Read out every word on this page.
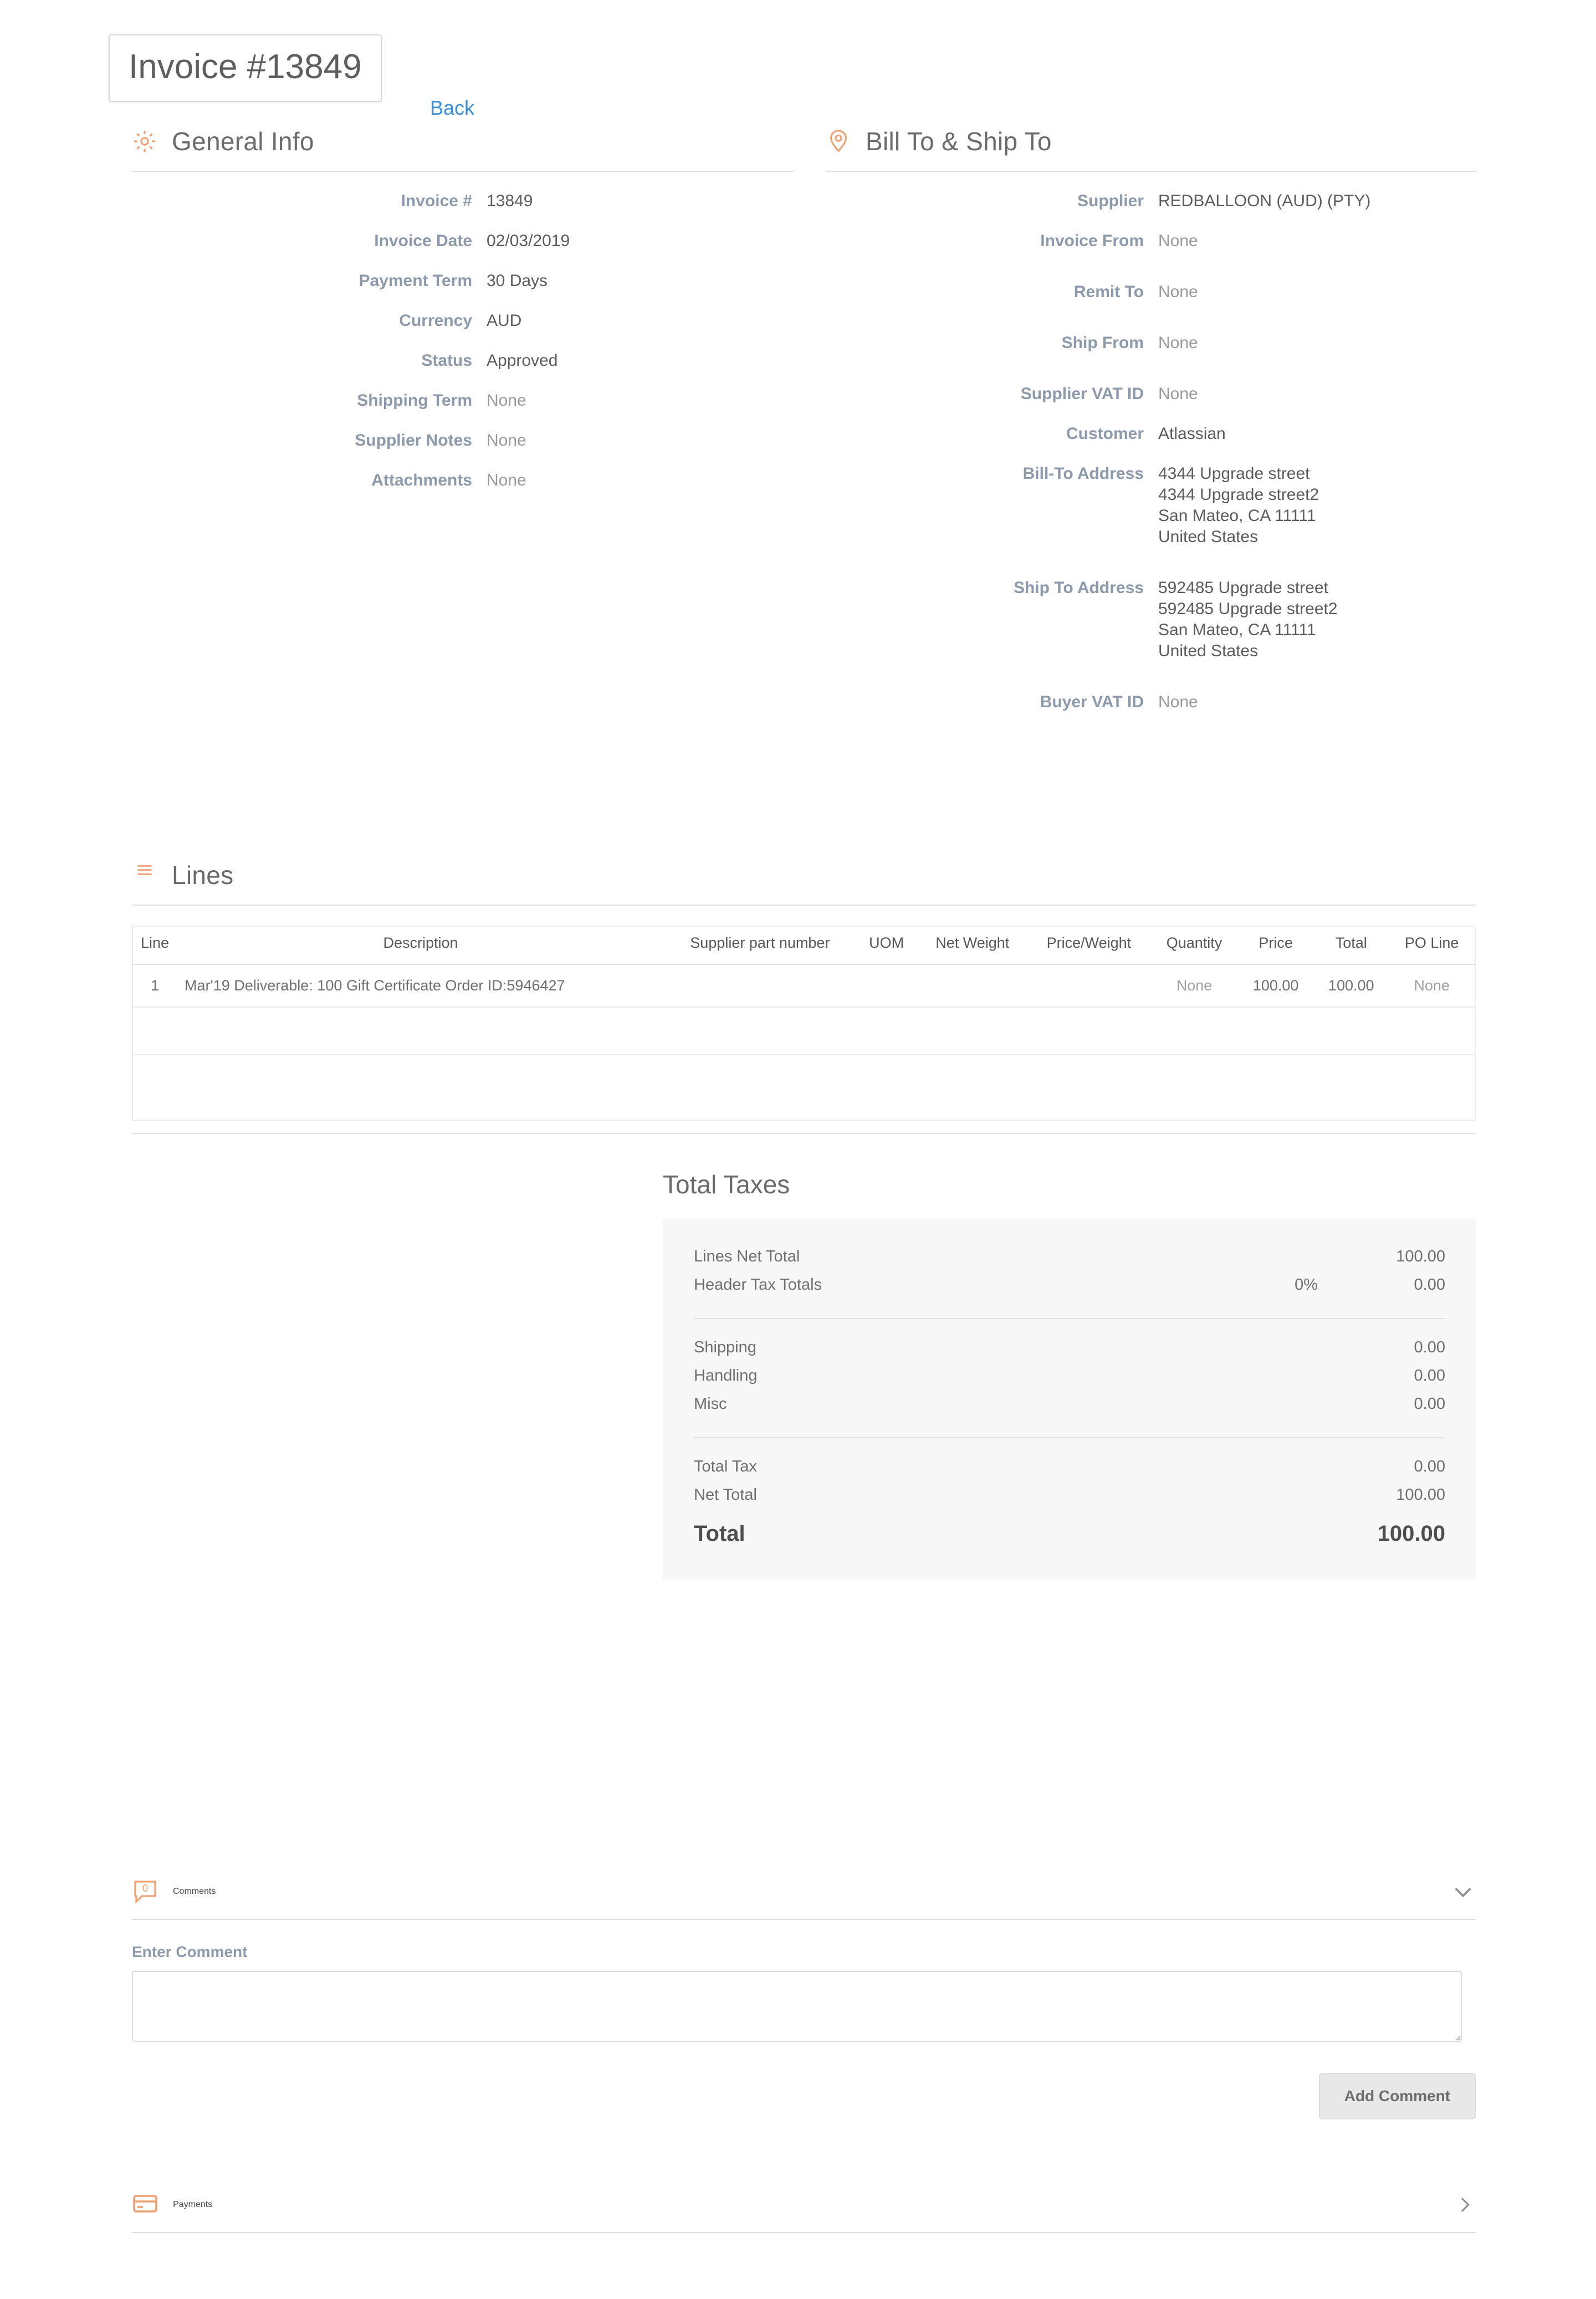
Back
Invoice #13849
General Info
Invoice # 13849
Invoice Date 02/03/2019
Payment Term 30 Days
Currency AUD
Status Approved
Shipping Term None
Supplier Notes None
Attachments None
Bill To & Ship To
Supplier REDBALLOON (AUD) (PTY)
Invoice From None
Remit To None
Ship From None
Supplier VAT ID None
Customer Atlassian
Bill-To Address 4344 Upgrade street
4344 Upgrade street2
San Mateo, CA 11111
United States
Ship To Address 592485 Upgrade street
592485 Upgrade street2
San Mateo, CA 11111
United States
Buyer VAT ID None
Lines
Line	Description	Supplier part number	UOM	Net Weight	Price/Weight	Quantity	Price	Total	PO Line
1	Mar'19 Deliverable: 100 Gift Certificate Order ID:5946427					None	100.00	100.00	None

Total Taxes
Lines Net Total	100.00
Header Tax Totals	0%	0.00
Shipping	0.00
Handling	0.00
Misc	0.00
Total Tax	0.00
Net Total	100.00
Total	100.00
0	Comments
Enter Comment
Add Comment
Payments
